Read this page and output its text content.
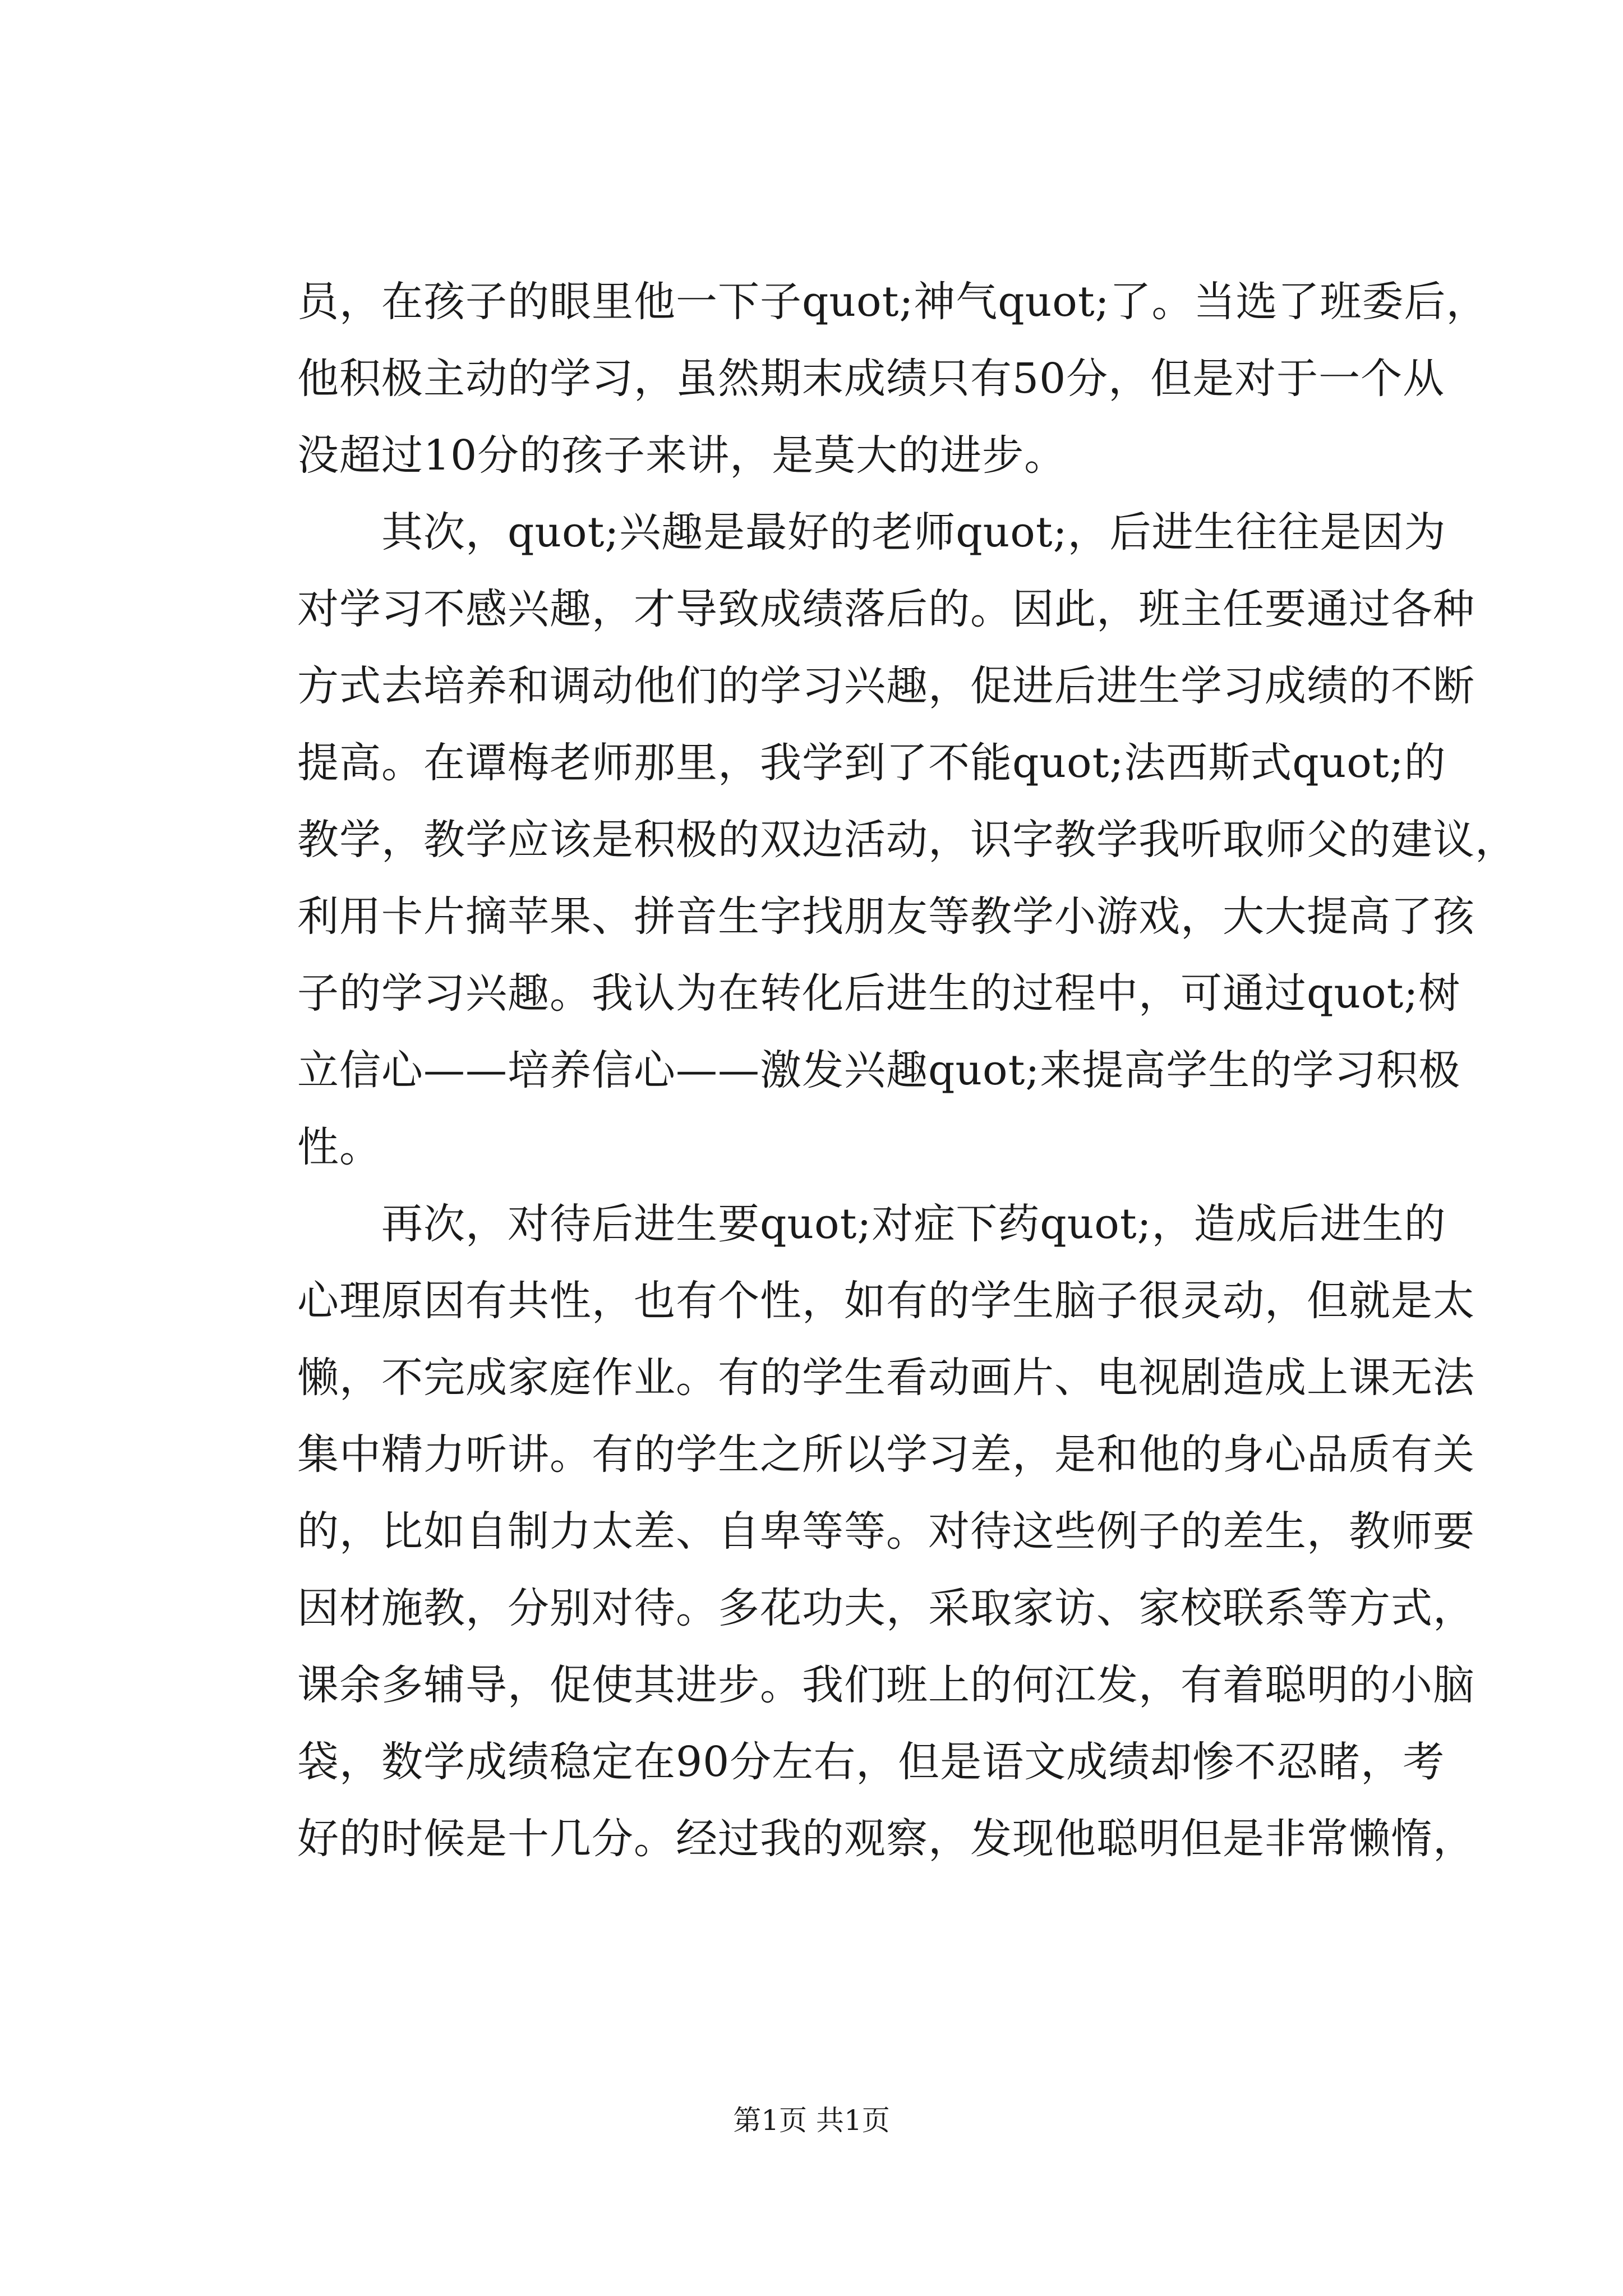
员，在孩子的眼里他一下子quot;神气quot;了。当选了班委后，
他积极主动的学习，虽然期末成绩只有50分，但是对于一个从
没超过10分的孩子来讲，是莫大的进步。
　　其次，quot;兴趣是最好的老师quot;，后进生往往是因为
对学习不感兴趣，才导致成绩落后的。因此，班主任要通过各种
方式去培养和调动他们的学习兴趣，促进后进生学习成绩的不断
提高。在谭梅老师那里，我学到了不能quot;法西斯式quot;的
教学，教学应该是积极的双边活动，识字教学我听取师父的建议，
利用卡片摘苹果、拼音生字找朋友等教学小游戏，大大提高了孩
子的学习兴趣。我认为在转化后进生的过程中，可通过quot;树
立信心——培养信心——激发兴趣quot;来提高学生的学习积极
性。
　　再次，对待后进生要quot;对症下药quot;，造成后进生的
心理原因有共性，也有个性，如有的学生脑子很灵动，但就是太
懒，不完成家庭作业。有的学生看动画片、电视剧造成上课无法
集中精力听讲。有的学生之所以学习差，是和他的身心品质有关
的，比如自制力太差、自卑等等。对待这些例子的差生，教师要
因材施教，分别对待。多花功夫，采取家访、家校联系等方式，
课余多辅导，促使其进步。我们班上的何江发，有着聪明的小脑
袋，数学成绩稳定在90分左右，但是语文成绩却惨不忍睹，考
好的时候是十几分。经过我的观察，发现他聪明但是非常懒惰，
第1页 共1页
